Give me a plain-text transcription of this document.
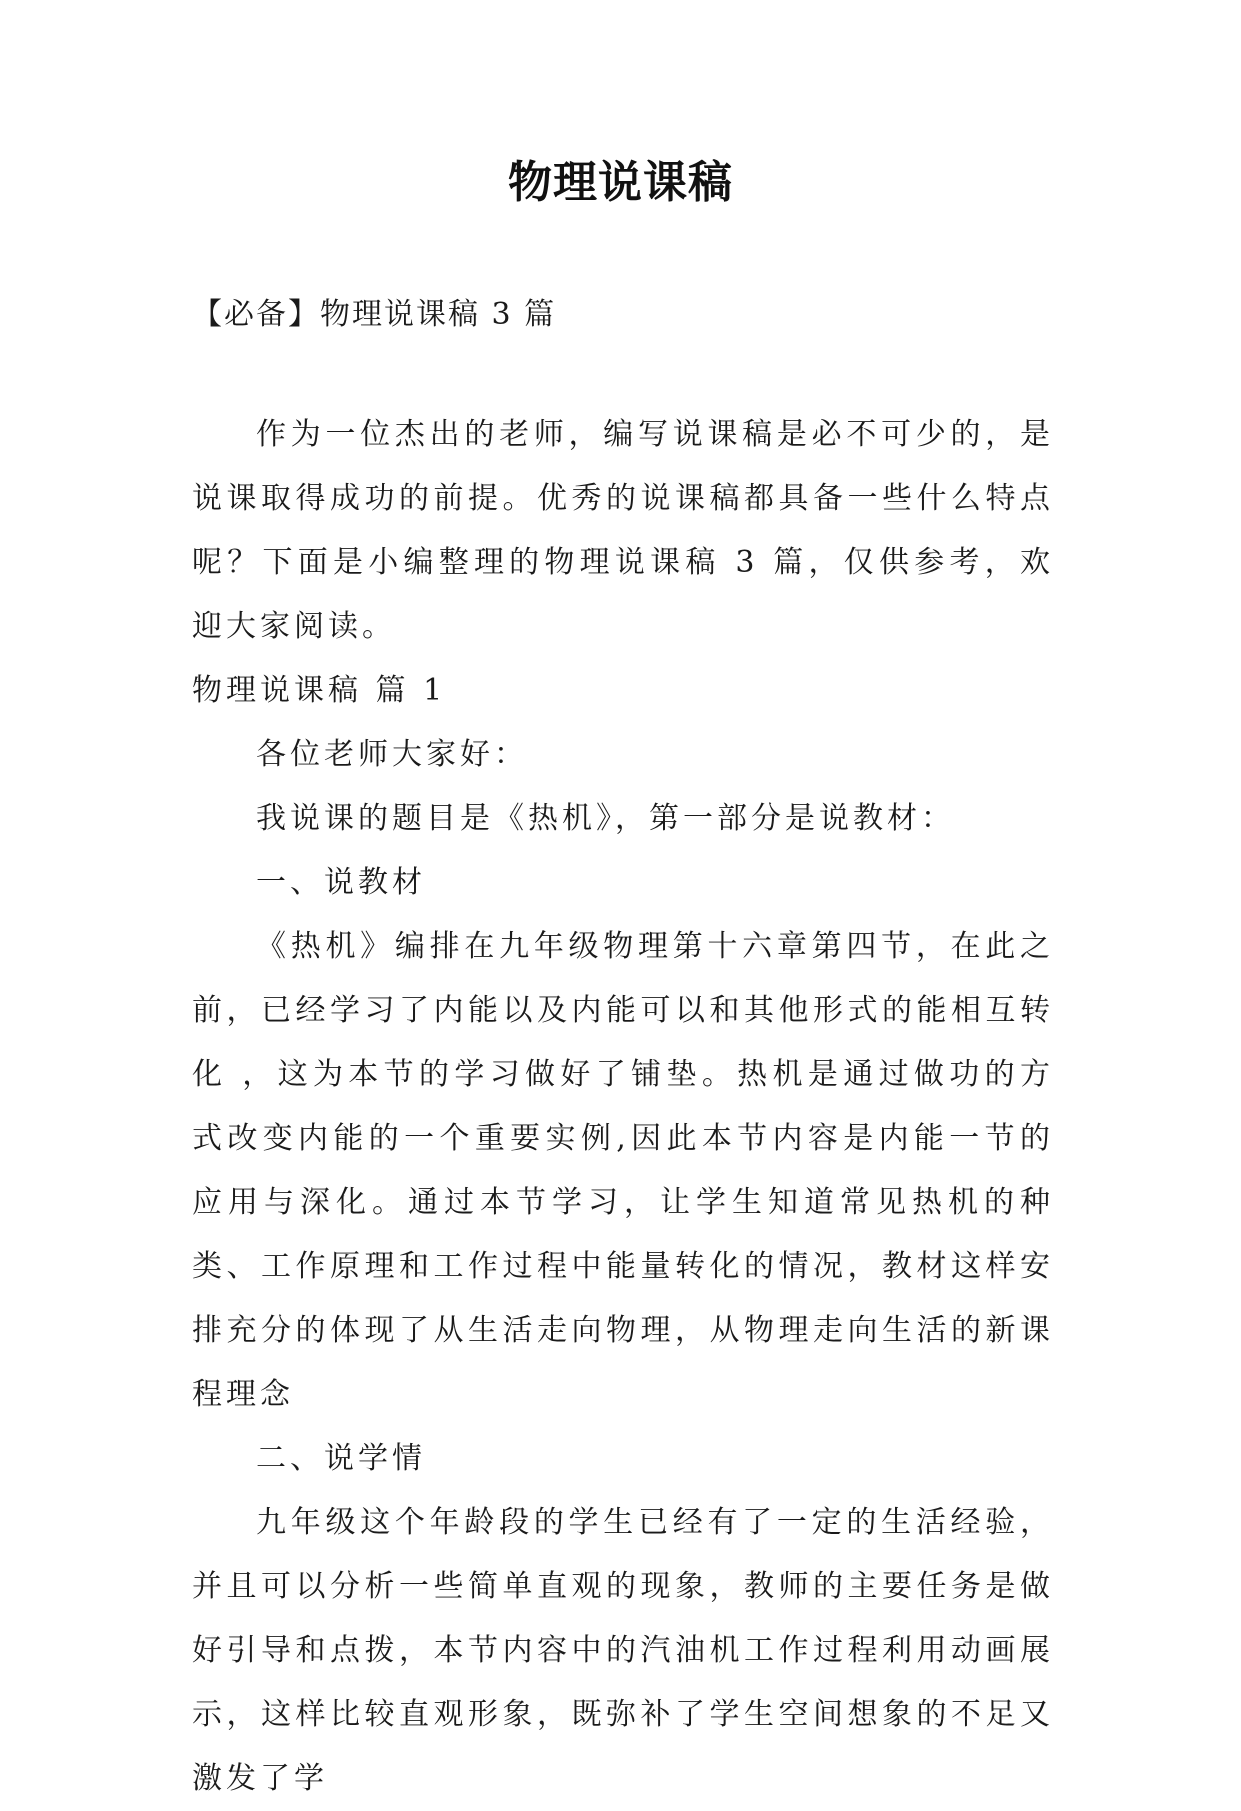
物理说课稿
【必备】物理说课稿 3 篇

作为一位杰出的老师，编写说课稿是必不可少的，是说课取得成功的前提。优秀的说课稿都具备一些什么特点呢？下面是小编整理的物理说课稿 3 篇，仅供参考，欢迎大家阅读。

物理说课稿 篇 1

各位老师大家好：

我说课的题目是《热机》，第一部分是说教材：

一、说教材

《热机》编排在九年级物理第十六章第四节，在此之前，已经学习了内能以及内能可以和其他形式的能相互转化 ，这为本节的学习做好了铺垫。热机是通过做功的方式改变内能的一个重要实例,因此本节内容是内能一节的应用与深化。通过本节学习，让学生知道常见热机的种 类、工作原理和工作过程中能量转化的情况，教材这样安排充分的体现了从生活走向物理，从物理走向生活的新课程理念

二、说学情

九年级这个年龄段的学生已经有了一定的生活经验，并且可以分析一些简单直观的现象，教师的主要任务是做好引导和点拨，本节内容中的汽油机工作过程利用动画展示，这样比较直观形象，既弥补了学生空间想象的不足又激发了学
